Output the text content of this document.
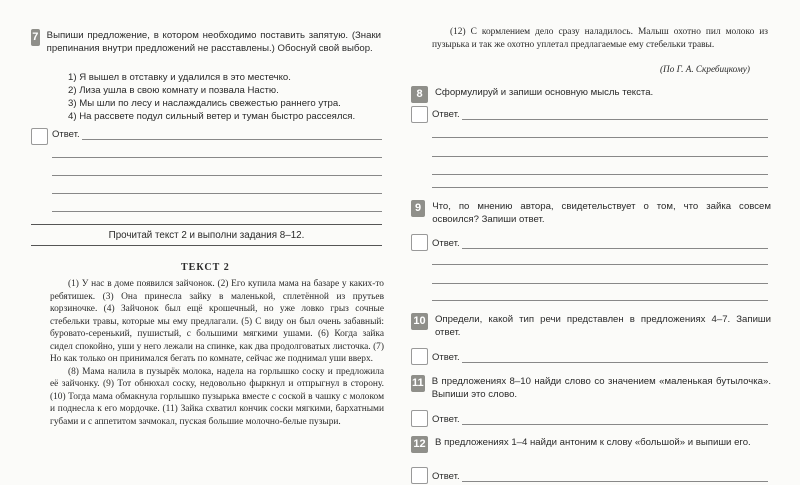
7 Выпиши предложение, в котором необходимо поставить запятую. (Знаки препинания внутри предложений не расставлены.) Обоснуй свой выбор.
1) Я вышел в отставку и удалился в это местечко.
2) Лиза ушла в свою комнату и позвала Настю.
3) Мы шли по лесу и наслаждались свежестью раннего утра.
4) На рассвете подул сильный ветер и туман быстро рассеялся.
Ответ.
Прочитай текст 2 и выполни задания 8–12.
ТЕКСТ 2

(1) У нас в доме появился зайчонок. (2) Его купила мама на базаре у каких-то ребятишек. (3) Она принесла зайку в маленькой, сплетённой из прутьев корзиночке. (4) Зайчонок был ещё крошечный, но уже ловко грыз сочные стебельки травы, которые мы ему предлагали. (5) С виду он был очень забавный: буровато-серенький, пушистый, с большими мягкими ушами. (6) Когда зайка сидел спокойно, уши у него лежали на спинке, как два продолговатых листочка. (7) Но как только он принимался бегать по комнате, сейчас же поднимал уши вверх.

(8) Мама налила в пузырёк молока, надела на горлышко соску и предложила её зайчонку. (9) Тот обнюхал соску, недовольно фыркнул и отпрыгнул в сторону. (10) Тогда мама обмакнула горлышко пузырька вместе с соской в чашку с молоком и поднесла к его мордочке. (11) Зайка схватил кончик соски мягкими, бархатными губами и с аппетитом зачмокал, пуская большие молочно-белые пузыри.

(12) С кормлением дело сразу наладилось. Малыш охотно пил молоко из пузырька и так же охотно уплетал предлагаемые ему стебельки травы.

(По Г. А. Скребицкому)
8	Сформулируй и запиши основную мысль текста.
Ответ.
9	Что, по мнению автора, свидетельствует о том, что зайка совсем освоился? Запиши ответ.
Ответ.
10 Определи, какой тип речи представлен в предложениях 4–7. Запиши ответ.
Ответ.
11 В предложениях 8–10 найди слово со значением «маленькая бутылочка». Выпиши это слово.
Ответ.
12 В предложениях 1–4 найди антоним к слову «большой» и выпиши его.
Ответ.
